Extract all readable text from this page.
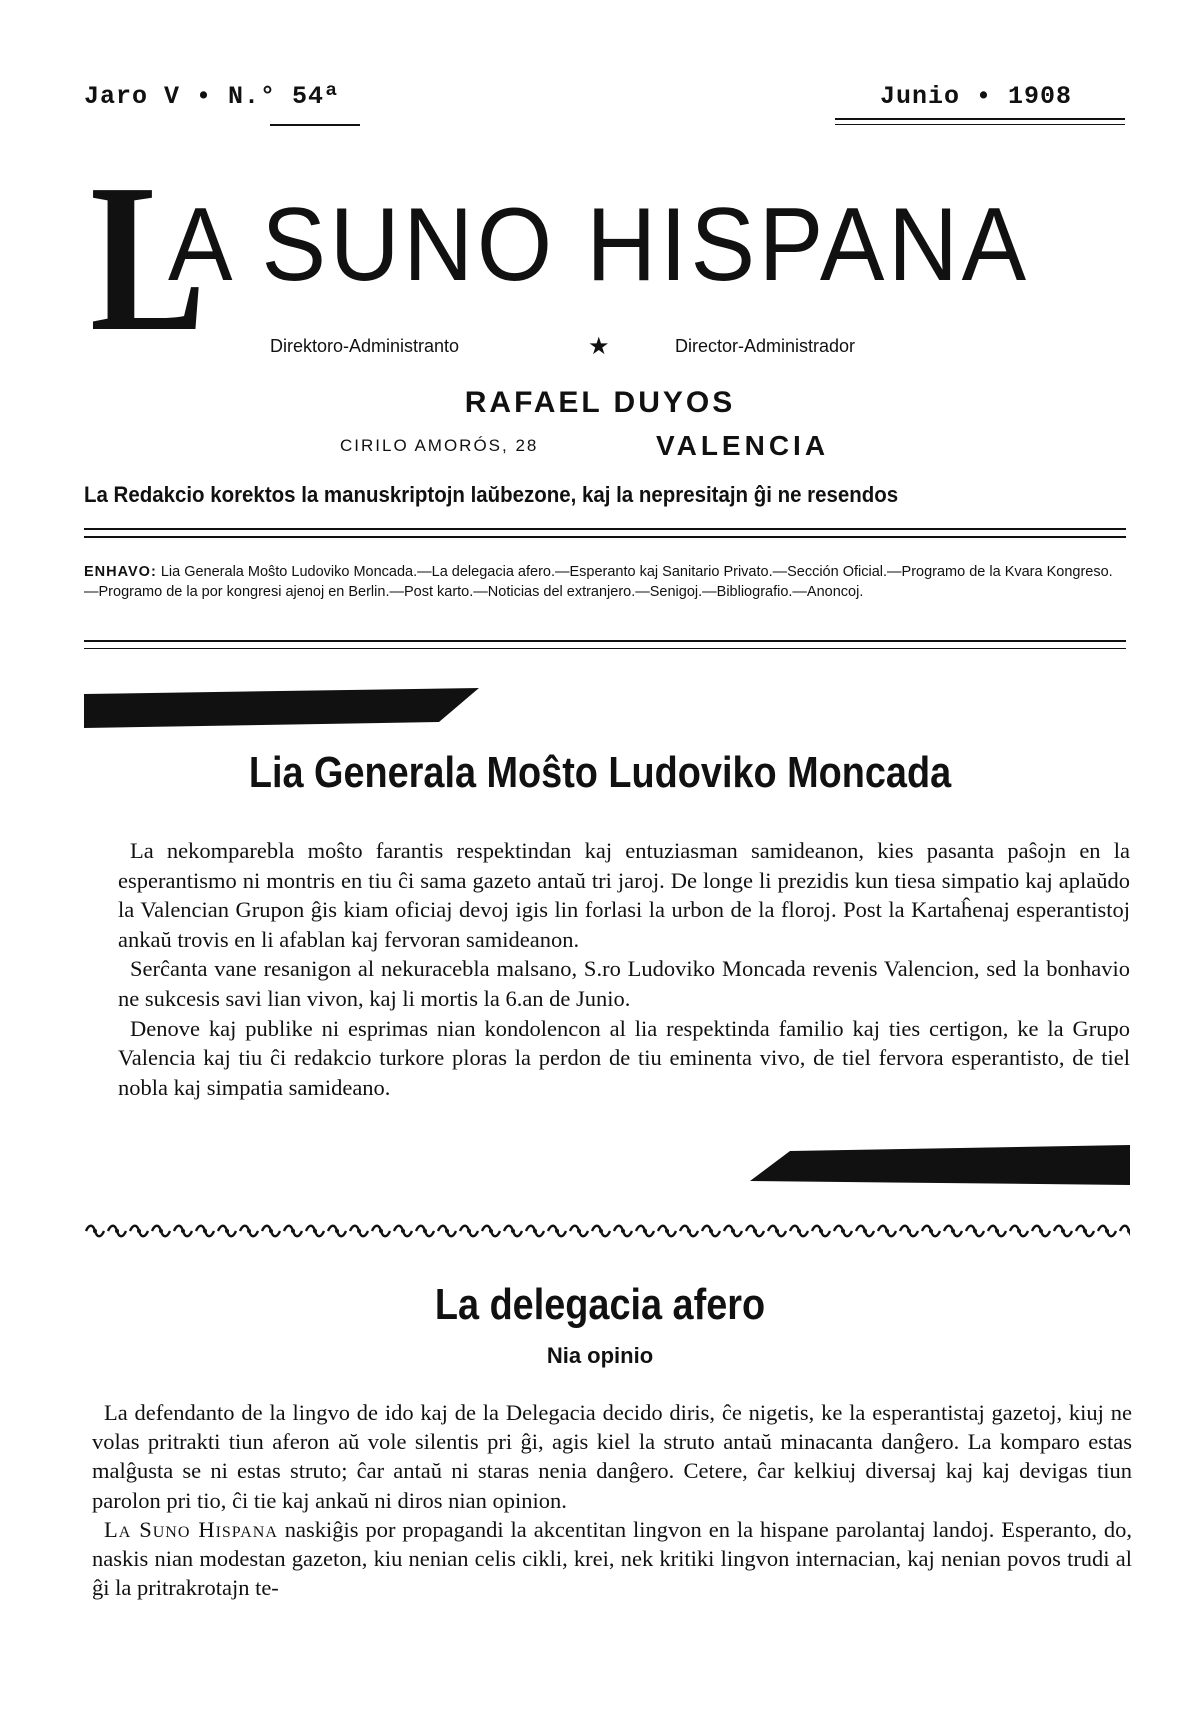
Jaro V • N.° 54ª	Junio • 1908
L
A SUNO HISPANA
Direktoro-Administranto	★	Director-Administrador
RAFAEL DUYOS
CIRILO AMORÓS, 28	VALENCIA
La Redakcio korektos la manuskriptojn laŭbezone, kaj la nepresitajn ĝi ne resendos
ENHAVO: Lia Generala Moŝto Ludoviko Moncada.—La delegacia afero.—Esperanto kaj Sanitario Privato.—Sección Oficial.—Programo de la Kvara Kongreso.—Programo de la por kongresi ajenoj en Berlin.—Post karto.—Noticias del extranjero.—Senigoj.—Bibliografio.—Anoncoj.
Lia Generala Moŝto Ludoviko Moncada

La nekomparebla moŝto farantis respektindan kaj entuziasman samideanon, kies pasanta paŝojn en la esperantismo ni montris en tiu ĉi sama gazeto antaŭ tri jaroj. De longe li prezidis kun tiesa simpatio kaj aplaŭdo la Valencian Grupon ĝis kiam oficiaj devoj igis lin forlasi la urbon de la floroj. Post la Kartaĥenaj esperantistoj ankaŭ trovis en li afablan kaj fervoran samideanon.

Serĉanta vane resanigon al nekuracebla malsano, S.ro Ludoviko Moncada revenis Valencion, sed la bonhavio ne sukcesis savi lian vivon, kaj li mortis la 6.an de Junio.

Denove kaj publike ni esprimas nian kondolencon al lia respektinda familio kaj ties certigon, ke la Grupo Valencia kaj tiu ĉi redakcio turkore ploras la perdon de tiu eminenta vivo, de tiel fervora esperantisto, de tiel nobla kaj simpatia samideano.

La delegacia afero
Nia opinio

La defendanto de la lingvo de ido kaj de la Delegacia decido diris, ĉe nigetis, ke la esperantistaj gazetoj, kiuj ne volas pritrakti tiun aferon aŭ vole silentis pri ĝi, agis kiel la struto antaŭ minacanta danĝero. La komparo estas malĝusta se ni estas struto; ĉar antaŭ ni staras nenia danĝero. Cetere, ĉar kelkiuj diversaj kaj kaj devigas tiun parolon pri tio, ĉi tie kaj ankaŭ ni diros nian opinion.

La Suno Hispana naskiĝis por propagandi la akcentitan lingvon en la hispane parolantaj landoj. Esperanto, do, naskis nian modestan gazeton, kiu nenian celis cikli, krei, nek kritiki lingvon internacian, kaj nenian povos trudi al ĝi la pritrakrotajn te-
